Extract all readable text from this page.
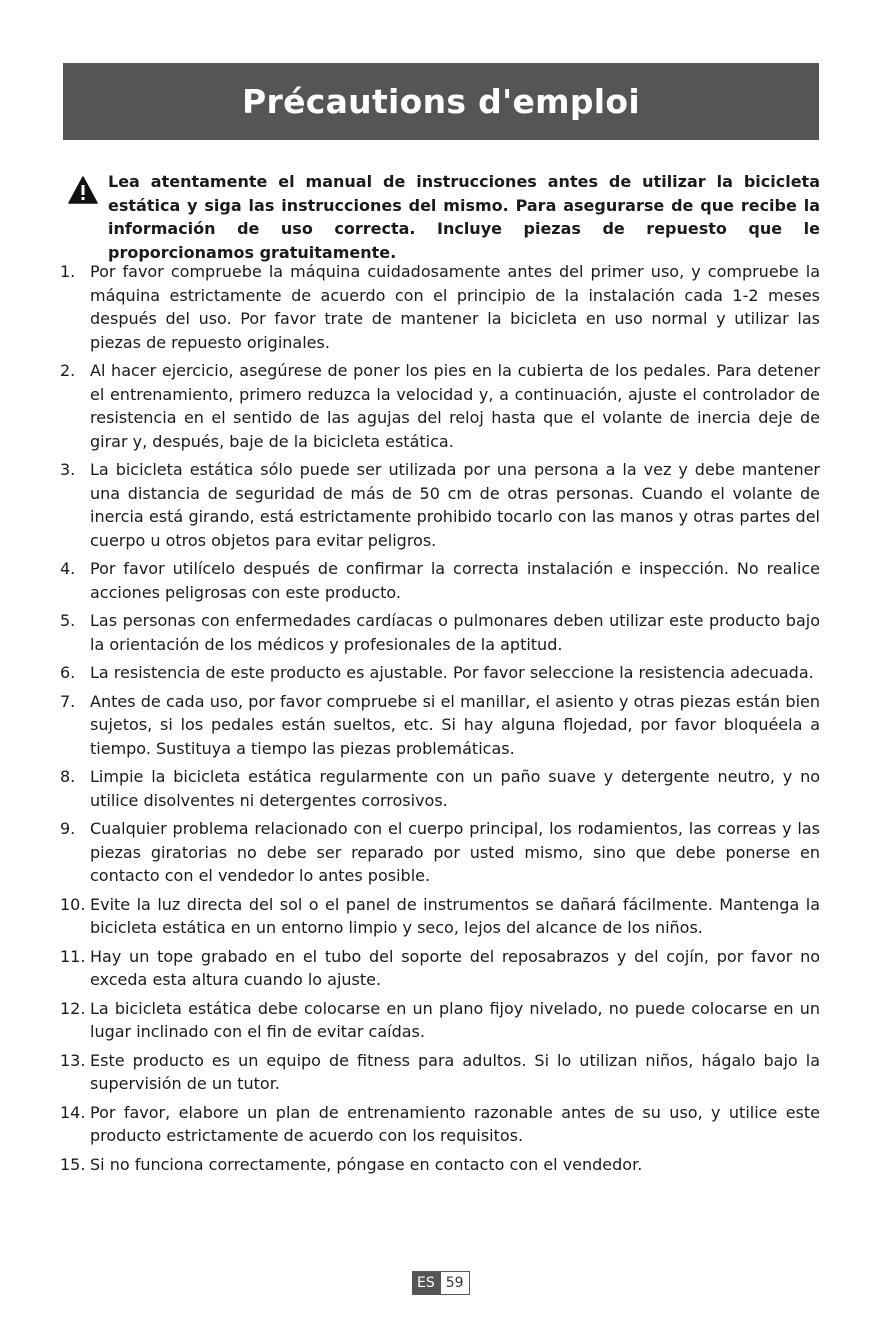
Précautions d'emploi
Lea atentamente el manual de instrucciones antes de utilizar la bicicleta estática y siga las instrucciones del mismo. Para asegurarse de que recibe la información de uso correcta. Incluye piezas de repuesto que le proporcionamos gratuitamente.
1. Por favor compruebe la máquina cuidadosamente antes del primer uso, y compruebe la máquina estrictamente de acuerdo con el principio de la instalación cada 1-2 meses después del uso. Por favor trate de mantener la bicicleta en uso normal y utilizar las piezas de repuesto originales.
2. Al hacer ejercicio, asegúrese de poner los pies en la cubierta de los pedales. Para detener el entrenamiento, primero reduzca la velocidad y, a continuación, ajuste el controlador de resistencia en el sentido de las agujas del reloj hasta que el volante de inercia deje de girar y, después, baje de la bicicleta estática.
3. La bicicleta estática sólo puede ser utilizada por una persona a la vez y debe mantener una distancia de seguridad de más de 50 cm de otras personas. Cuando el volante de inercia está girando, está estrictamente prohibido tocarlo con las manos y otras partes del cuerpo u otros objetos para evitar peligros.
4. Por favor utilícelo después de confirmar la correcta instalación e inspección. No realice acciones peligrosas con este producto.
5. Las personas con enfermedades cardíacas o pulmonares deben utilizar este producto bajo la orientación de los médicos y profesionales de la aptitud.
6. La resistencia de este producto es ajustable. Por favor seleccione la resistencia adecuada.
7. Antes de cada uso, por favor compruebe si el manillar, el asiento y otras piezas están bien sujetos, si los pedales están sueltos, etc. Si hay alguna flojedad, por favor bloquéela a tiempo. Sustituya a tiempo las piezas problemáticas.
8. Limpie la bicicleta estática regularmente con un paño suave y detergente neutro, y no utilice disolventes ni detergentes corrosivos.
9. Cualquier problema relacionado con el cuerpo principal, los rodamientos, las correas y las piezas giratorias no debe ser reparado por usted mismo, sino que debe ponerse en contacto con el vendedor lo antes posible.
10. Evite la luz directa del sol o el panel de instrumentos se dañará fácilmente. Mantenga la bicicleta estática en un entorno limpio y seco, lejos del alcance de los niños.
11. Hay un tope grabado en el tubo del soporte del reposabrazos y del cojín, por favor no exceda esta altura cuando lo ajuste.
12. La bicicleta estática debe colocarse en un plano fijoy nivelado, no puede colocarse en un lugar inclinado con el fin de evitar caídas.
13. Este producto es un equipo de fitness para adultos. Si lo utilizan niños, hágalo bajo la supervisión de un tutor.
14. Por favor, elabore un plan de entrenamiento razonable antes de su uso, y utilice este producto estrictamente de acuerdo con los requisitos.
15. Si no funciona correctamente, póngase en contacto con el vendedor.
ES 59
